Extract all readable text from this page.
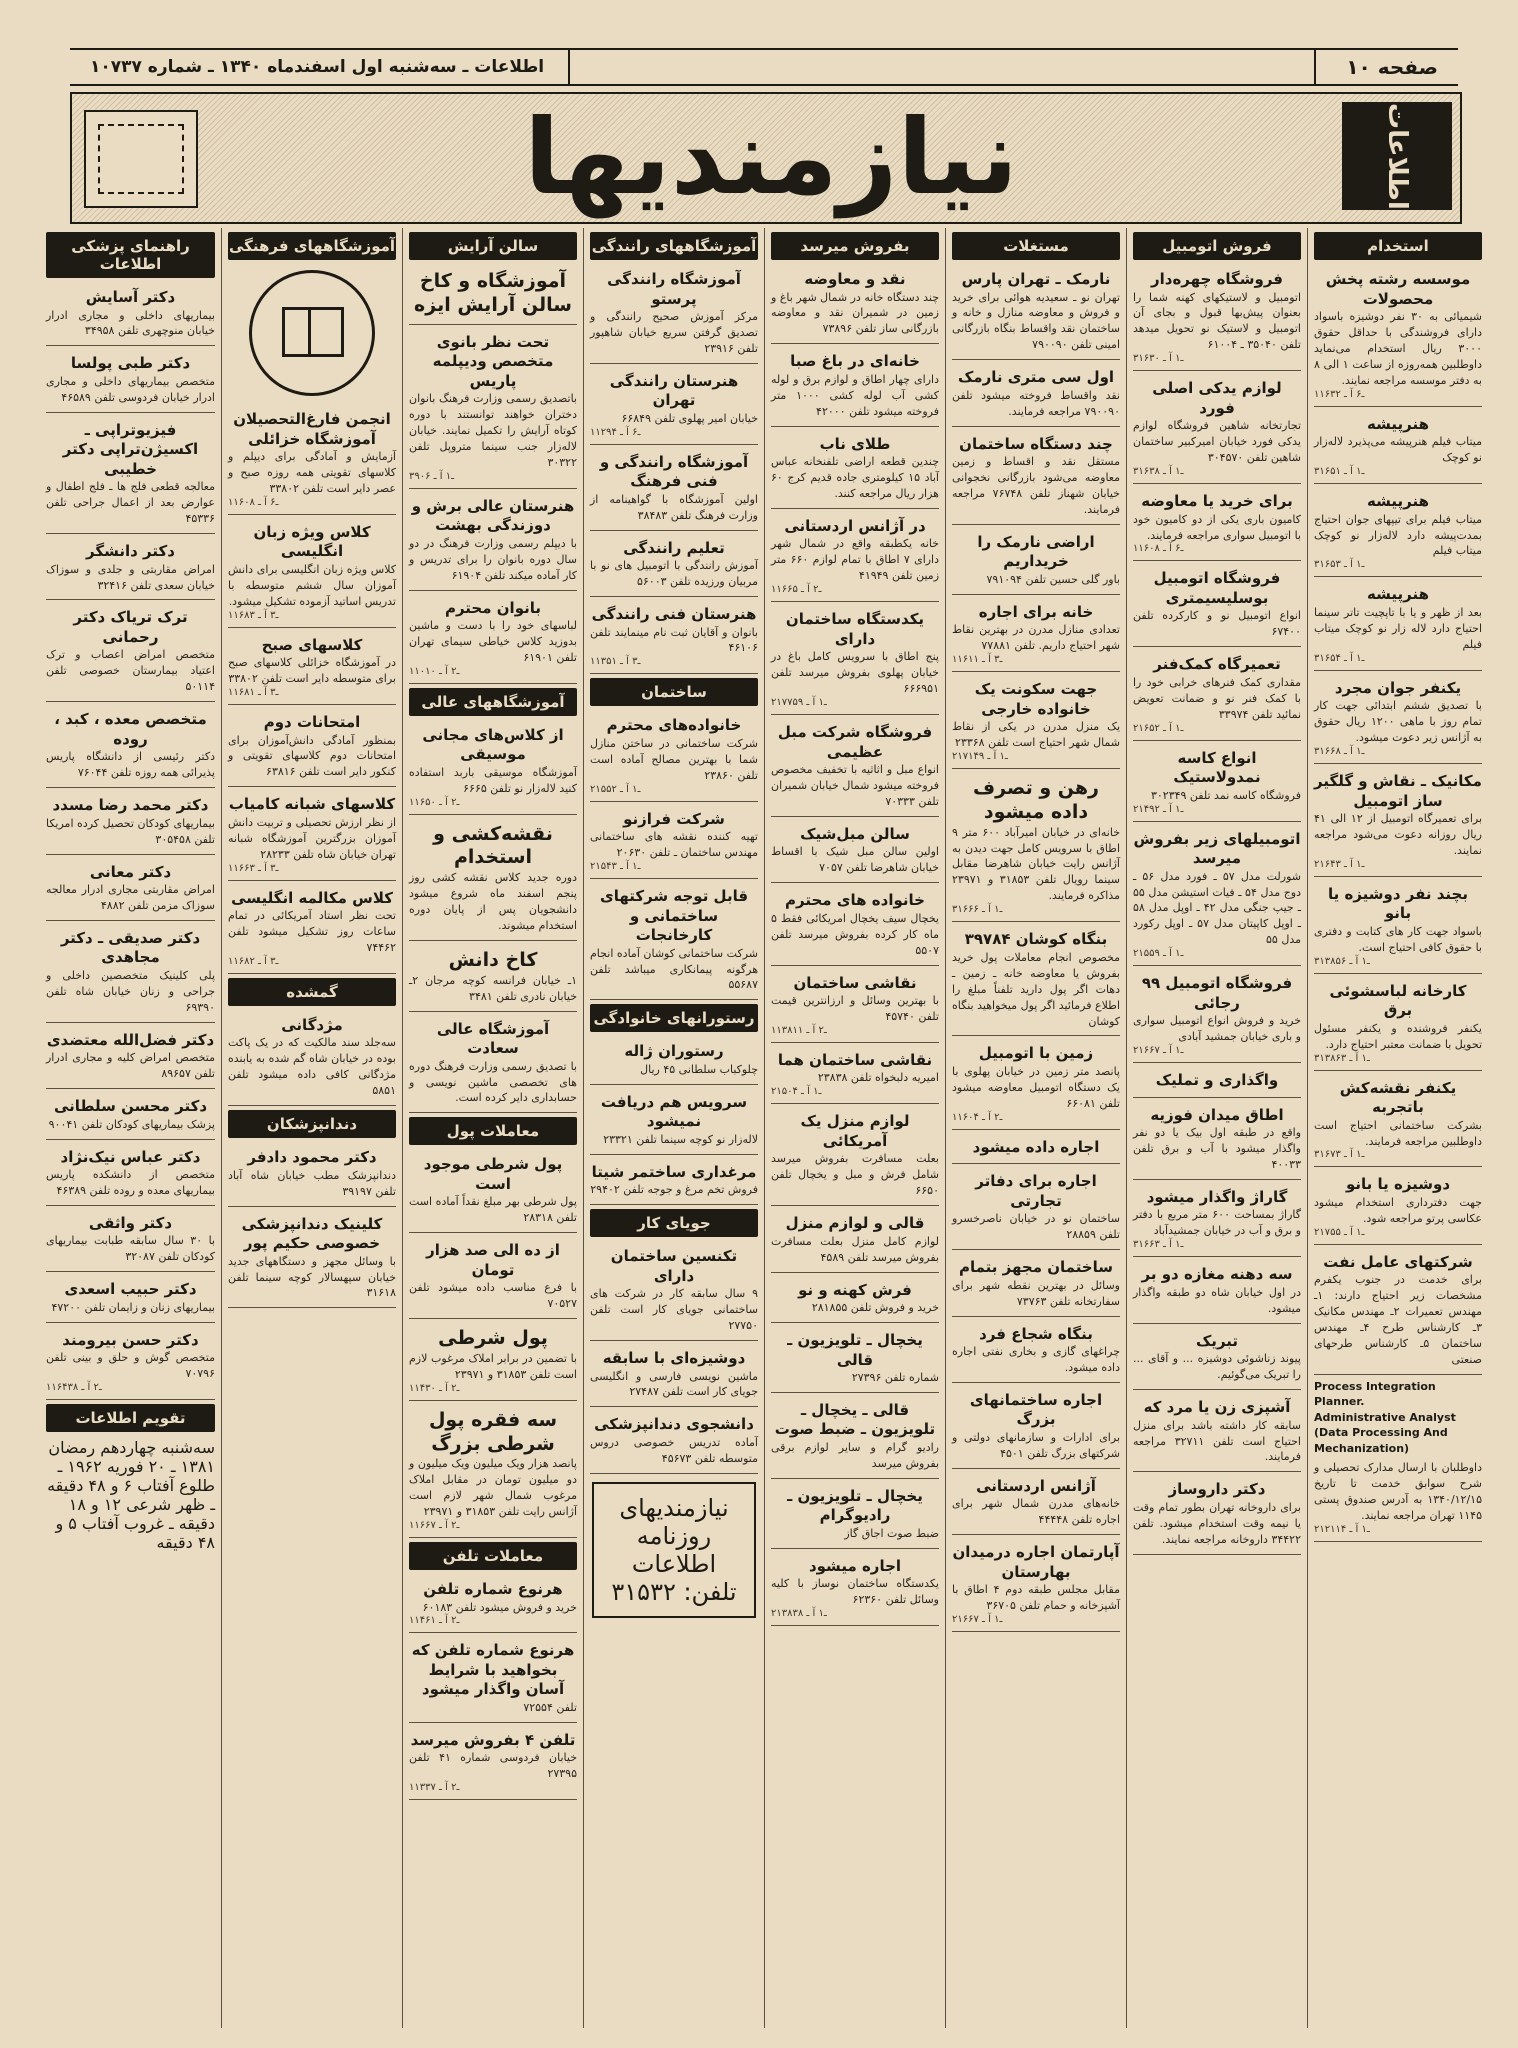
صفحه ۱۰
اطلاعات ـ سه‌شنبه اول اسفندماه ۱۳۴۰ ـ شماره ۱۰۷۳۷
اطلاعات
نیازمندیها
استخدام
موسسه رشته پخش محصولات
شیمیائی به ۳۰ نفر دوشیزه باسواد دارای فروشندگی با حداقل حقوق ۳۰۰۰ ریال استخدام می‌نماید داوطلبین همه‌روزه از ساعت ۱ الی ۸ به دفتر موسسه مراجعه نمایند.
۱ـ۶ آ ـ ۱۶۳۲
هنرپیشه
میتاب فیلم هنرپیشه می‌پذیرد لاله‌زار نو کوچک
۳ـ۱ آ ـ ۱۶۵۱
هنرپیشه
میتاب فیلم برای تیپهای جوان احتیاج بمدت‌پیشه دارد لاله‌زار نو کوچک میتاب فیلم
۳ـ۱ آ ـ ۱۶۵۳
هنرپیشه
بعد از ظهر و یا با تاپچیت تاتر سینما احتیاج دارد لاله زار نو کوچک میتاب فیلم
۳ـ۱ آ ـ ۱۶۵۴
یکنفر جوان مجرد
با تصدیق ششم ابتدائی جهت کار تمام روز با ماهی ۱۲۰۰ ریال حقوق به آژانس زیر دعوت میشود.
۳ـ۱ آ ـ ۱۶۶۸
مکانیک ـ نقاش و گلگیر ساز اتومبیل
برای تعمیرگاه اتومبیل از ۱۲ الی ۴۱ ریال روزانه دعوت می‌شود مراجعه نمایند.
۲ـ۱ آ ـ ۱۶۴۳
بچند نفر دوشیزه یا بانو
باسواد جهت کار های کتابت و دفتری با حقوق کافی احتیاج است.
۳ـ۱ آ ـ ۱۳۸۵۶
کارخانه لباسشوئی برق
یکنفر فروشنده و یکنفر مسئول تحویل با ضمانت معتبر احتیاج دارد.
۳ـ۱ آ ـ ۱۳۸۶۳
یکنفر نقشه‌کش باتجربه
بشرکت ساختمانی احتیاج است داوطلبین مراجعه فرمایند.
۳ـ۱ آ ـ ۱۶۷۳
دوشیزه یا بانو
جهت دفترداری استخدام میشود عکاسی پرتو مراجعه شود.
۲ـ۱ آ ـ ۱۷۵۵
شرکتهای عامل نفت
برای خدمت در جنوب یکفرم مشخصات زیر احتیاج دارند: ۱ـ مهندس تعمیرات ۲ـ مهندس مکانیک ۳ـ کارشناس طرح ۴ـ مهندس ساختمان ۵ـ کارشناس طرحهای صنعتی
Process Integration Planner.
Administrative Analyst (Data Processing And Mechanization)
داوطلبان با ارسال مدارک تحصیلی و شرح سوابق خدمت تا تاریخ ۱۳۴۰/۱۲/۱۵ به آدرس صندوق پستی ۱۱۴۵ تهران مراجعه نمایند.
۲ـ۱ آ ـ ۱۲۱۱۴
فروش اتومبیل
فروشگاه چهره‌دار
اتومبیل و لاستیکهای کهنه شما را بعنوان پیش‌بها قبول و بجای آن اتومبیل و لاستیک نو تحویل میدهد تلفن ۳۵۰۴۰ ـ ۶۱۰۰۴
۳ـ۱ آ ـ ۱۶۳۰
لوازم یدکی اصلی فورد
تجارتخانه شاهین فروشگاه لوازم یدکی فورد خیابان امیرکبیر ساختمان شاهین تلفن ۳۰۴۵۷۰
۳ـ۱ آ ـ ۱۶۳۸
برای خرید یا معاوضه
کامیون باری یکی از دو کامیون خود با اتومبیل سواری مراجعه فرمایند.
۱ـ۶ آ ـ ۱۶۰۸
فروشگاه اتومبیل بوسلیسیمتری
انواع اتومبیل نو و کارکرده تلفن ۶۷۴۰۰
تعمیرگاه کمک‌فنر
مقداری کمک فنرهای خرابی خود را با کمک فنر نو و ضمانت تعویض نمائید تلفن ۳۳۹۷۴
۲ـ۱ آ ـ ۱۶۵۲
انواع کاسه نمدولاستیک
فروشگاه کاسه نمد تلفن ۳۰۲۳۴۹
۲ـ۱ آ ـ ۱۴۹۲
اتومبیلهای زیر بفروش میرسد
شورلت مدل ۵۷ ـ فورد مدل ۵۶ ـ دوج مدل ۵۴ ـ فیات استیشن مدل ۵۵ ـ جیپ جنگی مدل ۴۲ ـ اوپل مدل ۵۸ ـ اوپل کاپیتان مدل ۵۷ ـ اوپل رکورد مدل ۵۵
۲ـ۱ آ ـ ۱۵۵۹
فروشگاه اتومبیل ۹۹ رجائی
خرید و فروش انواع اتومبیل سواری و باری خیابان جمشید آبادی
۲ـ۱ آ ـ ۱۶۶۷
واگذاری و تملیک
اطاق میدان فوزیه
واقع در طبقه اول بیک یا دو نفر واگذار میشود با آب و برق تلفن ۴۰۰۳۳
گاراژ واگذار میشود
گاراژ بمساحت ۶۰۰ متر مربع با دفتر و برق و آب در خیابان جمشیدآباد
۳ـ۱ آ ـ ۱۶۶۳
سه دهنه مغازه دو بر
در اول خیابان شاه دو طبقه واگذار میشود.
تبریک
پیوند زناشوئی دوشیزه ... و آقای ... را تبریک می‌گوئیم.
آشپزی زن یا مرد که
سابقه کار داشته باشد برای منزل احتیاج است تلفن ۳۲۷۱۱ مراجعه فرمایند.
دکتر داروساز
برای داروخانه تهران بطور تمام وقت یا نیمه وقت استخدام میشود. تلفن ۳۴۴۲۲ داروخانه مراجعه نمایند.
مستغلات
نارمک ـ تهران پارس
تهران نو ـ سعیدیه هوائی برای خرید و فروش و معاوضه منازل و خانه و ساختمان نقد واقساط بنگاه بازرگانی امینی تلفن ۷۹۰۰۹۰
اول سی متری نارمک
نقد واقساط فروخته میشود تلفن ۷۹۰۰۹۰ مراجعه فرمایند.
چند دستگاه ساختمان
مستقل نقد و اقساط و زمین معاوضه می‌شود بازرگانی نخجوانی خیابان شهناز تلفن ۷۶۷۴۸ مراجعه فرمایند.
اراضی نارمک را خریداریم
باور گلی حسین تلفن ۷۹۱۰۹۴
خانه برای اجاره
تعدادی منازل مدرن در بهترین نقاط شهر احتیاج داریم. تلفن ۷۷۸۸۱
۱ـ۳ آ ـ ۱۶۱۱
جهت سکونت یک خانواده خارجی
یک منزل مدرن در یکی از نقاط شمال شهر احتیاج است تلفن ۲۳۳۶۸
۲ـ۱ آ ـ ۱۷۱۴۹
رهن و تصرف داده میشود
خانه‌ای در خیابان امیرآباد ۶۰۰ متر ۹ اطاق با سرویس کامل جهت دیدن به آژانس رایت خیابان شاهرضا مقابل سینما رویال تلفن ۳۱۸۵۳ و ۲۳۹۷۱ مذاکره فرمایند.
۳ـ۱ آ ـ ۱۶۶۶
بنگاه کوشان ۳۹۷۸۴
مخصوص انجام معاملات پول خرید بفروش یا معاوضه خانه ـ زمین ـ دهات اگر پول دارید تلفناً مبلغ را اطلاع فرمائید اگر پول میخواهید بنگاه کوشان
زمین با اتومبیل
پانصد متر زمین در خیابان پهلوی با یک دستگاه اتومبیل معاوضه میشود تلفن ۶۶۰۸۱
۱ـ۲ آ ـ ۱۶۰۴
اجاره داده میشود
اجاره برای دفاتر تجارتی
ساختمان نو در خیابان ناصرخسرو تلفن ۲۸۸۵۹
ساختمان مجهز بتمام
وسائل در بهترین نقطه شهر برای سفارتخانه تلفن ۷۳۷۶۳
بنگاه شجاع فرد
چراغهای گازی و بخاری نفتی اجاره داده میشود.
اجاره ساختمانهای بزرگ
برای ادارات و سازمانهای دولتی و شرکتهای بزرگ تلفن ۴۵۰۱
آژانس اردستانی
خانه‌های مدرن شمال شهر برای اجاره تلفن ۴۴۴۴۸
آپارتمان اجاره درمیدان بهارستان
مقابل مجلس طبقه دوم ۴ اطاق با آشپزخانه و حمام تلفن ۳۶۷۰۵
۲ـ۱ آ ـ ۱۶۶۷
بفروش میرسد
نقد و معاوضه
چند دستگاه خانه در شمال شهر باغ و زمین در شمیران نقد و معاوضه بازرگانی ساز تلفن ۷۳۸۹۶
خانه‌ای در باغ صبا
دارای چهار اطاق و لوازم برق و لوله کشی آب لوله کشی ۱۰۰۰ متر فروخته میشود تلفن ۴۲۰۰۰
طلای ناب
چندین قطعه اراضی تلفنخانه عباس آباد ۱۵ کیلومتری جاده قدیم کرج ۶۰ هزار ریال مراجعه کنند.
در آژانس اردستانی
خانه یکطبقه واقع در شمال شهر دارای ۷ اطاق با تمام لوازم ۶۶۰ متر زمین تلفن ۴۱۹۴۹
۱ـ۲ آ ـ ۱۶۶۵
یکدستگاه ساختمان دارای
پنج اطاق با سرویس کامل باغ در خیابان پهلوی بفروش میرسد تلفن ۶۶۶۹۵۱
۲ـ۱ آ ـ ۱۷۷۵۹
فروشگاه شرکت مبل عظیمی
انواع مبل و اثاثیه با تخفیف مخصوص فروخته میشود شمال خیابان شمیران تلفن ۷۰۳۳۳
سالن مبل‌شیک
اولین سالن مبل شیک با اقساط خیابان شاهرضا تلفن ۷۰۵۷
خانواده های محترم
یخچال سیف یخچال امریکائی فقط ۵ ماه کار کرده بفروش میرسد تلفن ۵۵۰۷
نقاشی ساختمان
با بهترین وسائل و ارزانترین قیمت تلفن ۴۵۷۴۰
۱ـ۲ آ ـ ۱۳۸۱۱
نقاشی ساختمان هما
امیریه دلبخواه تلفن ۲۳۸۳۸
۲ـ۱ آ ـ ۱۵۰۴
لوازم منزل یک آمریکائی
بعلت مسافرت بفروش میرسد شامل فرش و مبل و یخچال تلفن ۶۶۵۰
قالی و لوازم منزل
لوازم کامل منزل بعلت مسافرت بفروش میرسد تلفن ۴۵۸۹
فرش کهنه و نو
خرید و فروش تلفن ۲۸۱۸۵۵
یخچال ـ تلویزیون ـ قالی
شماره تلفن ۲۷۳۹۶
قالی ـ یخچال ـ تلویزیون ـ ضبط صوت
رادیو گرام و سایر لوازم برقی بفروش میرسد
یخچال ـ تلویزیون ـ رادیوگرام
ضبط صوت اجاق گاز
اجاره میشود
یکدستگاه ساختمان نوساز با کلیه وسائل تلفن ۶۲۳۶۰
۲ـ۱ آ ـ ۱۳۸۳۸
آموزشگاههای رانندگی
آموزشگاه رانندگی پرستو
مرکز آموزش صحیح رانندگی و تصدیق گرفتن سریع خیابان شاهپور تلفن ۲۳۹۱۶
هنرستان رانندگی تهران
خیابان امیر پهلوی تلفن ۶۶۸۴۹
۱ـ۶ آ ـ ۱۲۹۴
آموزشگاه رانندگی و فنی فرهنگ
اولین آموزشگاه با گواهینامه از وزارت فرهنگ تلفن ۳۸۴۸۳
تعلیم رانندگی
آموزش رانندگی با اتومبیل های نو با مربیان ورزیده تلفن ۵۶۰۰۳
هنرستان فنی رانندگی
بانوان و آقایان ثبت نام مینمایند تلفن ۴۶۱۰۶
۱ـ۳ آ ـ ۱۳۵۱
ساختمان
خانواده‌های محترم
شرکت ساختمانی در ساختن منازل شما با بهترین مصالح آماده است تلفن ۲۳۸۶۰
۲ـ۱ آ ـ ۱۵۵۲
شرکت فرازنو
تهیه کننده نقشه های ساختمانی مهندس ساختمان ـ تلفن ۲۰۶۳۰
۲ـ۱ آ ـ ۱۵۴۳
قابل توجه شرکتهای ساختمانی و کارخانجات
شرکت ساختمانی کوشان آماده انجام هرگونه پیمانکاری میباشد تلفن ۵۵۶۸۷
رستورانهای خانوادگی
رستوران ژاله
چلوکباب سلطانی ۴۵ ریال
سرویس هم دریافت نمیشود
لاله‌زار نو کوچه سینما تلفن ۲۳۳۲۱
مرغداری ساختمر شیتا
فروش تخم مرغ و جوجه تلفن ۲۹۴۰۲
جویای کار
تکنسین ساختمان دارای
۹ سال سابقه کار در شرکت های ساختمانی جویای کار است تلفن ۲۷۷۵۰
دوشیزه‌ای با سابقه
ماشین نویسی فارسی و انگلیسی جویای کار است تلفن ۲۷۴۸۷
دانشجوی دندانپزشکی
آماده تدریس خصوصی دروس متوسطه تلفن ۴۵۶۷۳
نیازمندیهای
روزنامه اطلاعات
تلفن: ۳۱۵۳۲
سالن آرایش
آموزشگاه و کاخ سالن آرایش ایزه
تحت نظر بانوی متخصص ودیپلمه پاریس
باتصدیق رسمی وزارت فرهنگ بانوان دختران خواهند توانستند با دوره کوتاه آرایش را تکمیل نمایند. خیابان لاله‌زار جنب سینما متروپل تلفن ۳۰۳۲۲
۳ـ۱ آ ـ ۹۰۶
هنرستان عالی برش و دوزندگی بهشت
با دیپلم رسمی وزارت فرهنگ در دو سال دوره بانوان را برای تدریس و کار آماده میکند تلفن ۶۱۹۰۴
بانوان محترم
لباسهای خود را با دست و ماشین بدوزید کلاس خیاطی سیمای تهران تلفن ۶۱۹۰۱
۱ـ۲ آ ـ ۱۰۱۰
آموزشگاههای عالی
از کلاس‌های مجانی موسیقی
آموزشگاه موسیقی باربد استفاده کنید لاله‌زار نو تلفن ۶۶۶۵
۱ـ۲ آ ـ ۱۶۵۰
نقشه‌کشی و استخدام
دوره جدید کلاس نقشه کشی روز پنجم اسفند ماه شروع میشود دانشجویان پس از پایان دوره استخدام میشوند.
کاخ دانش
۱ـ خیابان فرانسه کوچه مرجان ۲ـ خیابان نادری تلفن ۳۴۸۱
آموزشگاه عالی سعادت
با تصدیق رسمی وزارت فرهنگ دوره های تخصصی ماشین نویسی و حسابداری دایر کرده است.
معاملات پول
پول شرطی موجود است
پول شرطی بهر مبلغ نقداً آماده است تلفن ۲۸۳۱۸
از ده الی صد هزار تومان
با فرع مناسب داده میشود تلفن ۷۰۵۲۷
پول شرطی
با تضمین در برابر املاک مرغوب لازم است تلفن ۳۱۸۵۳ و ۲۳۹۷۱
۱ـ۲ آ ـ ۱۴۳۰
سه فقره پول شرطی بزرگ
پانصد هزار ویک میلیون ویک میلیون و دو میلیون تومان در مقابل املاک مرغوب شمال شهر لازم است آژانس رایت تلفن ۳۱۸۵۳ و ۲۳۹۷۱
۱ـ۲ آ ـ ۱۶۶۷
معاملات تلفن
هرنوع شماره تلفن
خرید و فروش میشود تلفن ۶۰۱۸۳
۱ـ۲ آ ـ ۱۴۶۱
هرنوع شماره تلفن که بخواهید با شرایط آسان واگذار میشود
تلفن ۷۲۵۵۴
تلفن ۴ بفروش میرسد
خیابان فردوسی شماره ۴۱ تلفن ۲۷۳۹۵
۱ـ۲ آ ـ ۱۳۳۷
آموزشگاههای فرهنگی
انجمن فارغ‌التحصیلان آموزشگاه خزائلی
آزمایش و آمادگی برای دیپلم و کلاسهای تقویتی همه روزه صبح و عصر دایر است تلفن ۳۳۸۰۲
۱ـ۶ آ ـ ۱۶۰۸
کلاس ویژه زبان انگلیسی
کلاس ویژه زبان انگلیسی برای دانش آموزان سال ششم متوسطه با تدریس اساتید آزموده تشکیل میشود.
۱ـ۳ آ ـ ۱۶۸۳
کلاسهای صبح
در آموزشگاه خزائلی کلاسهای صبح برای متوسطه دایر است تلفن ۳۳۸۰۲
۱ـ۳ آ ـ ۱۶۸۱
امتحانات دوم
بمنظور آمادگی دانش‌آموزان برای امتحانات دوم کلاسهای تقویتی و کنکور دایر است تلفن ۶۳۸۱۶
کلاسهای شبانه کامیاب
از نظر ارزش تحصیلی و تربیت دانش آموزان بزرگترین آموزشگاه شبانه تهران خیابان شاه تلفن ۲۸۲۳۳
۱ـ۳ آ ـ ۱۶۶۳
کلاس مکالمه انگلیسی
تحت نظر استاد آمریکائی در تمام ساعات روز تشکیل میشود تلفن ۷۴۴۶۲
۱ـ۳ آ ـ ۱۶۸۲
گمشده
مژدگانی
سه‌جلد سند مالکیت که در یک پاکت بوده در خیابان شاه گم شده به یابنده مژدگانی کافی داده میشود تلفن ۵۸۵۱
دندانپزشکان
دکتر محمود دادفر
دندانپزشک مطب خیابان شاه آباد تلفن ۳۹۱۹۷
کلینیک دندانپزشکی خصوصی حکیم پور
با وسائل مجهز و دستگاههای جدید خیابان سپهسالار کوچه سینما تلفن ۳۱۶۱۸
راهنمای پزشکی اطلاعات
دکتر آسایش
بیماریهای داخلی و مجاری ادرار خیابان منوچهری تلفن ۳۴۹۵۸
دکتر طبی پولسا
متخصص بیماریهای داخلی و مجاری ادرار خیابان فردوسی تلفن ۴۶۵۸۹
فیزیوتراپی ـ اکسیژن‌تراپی دکتر خطیبی
معالجه قطعی فلج ها ـ فلج اطفال و عوارض بعد از اعمال جراحی تلفن ۴۵۳۳۶
دکتر دانشگر
امراض مقاربتی و جلدی و سوزاک خیابان سعدی تلفن ۳۲۴۱۶
ترک تریاک دکتر رحمانی
متخصص امراض اعصاب و ترک اعتیاد بیمارستان خصوصی تلفن ۵۰۱۱۴
متخصص معده ، کبد ، روده
دکتر رئیسی از دانشگاه پاریس پذیرائی همه روزه تلفن ۷۶۰۴۴
دکتر محمد رضا مسدد
بیماریهای کودکان تحصیل کرده امریکا تلفن ۳۰۵۴۵۸
دکتر معانی
امراض مقاربتی مجاری ادرار معالجه سوزاک مزمن تلفن ۴۸۸۲
دکتر صدیقی ـ دکتر مجاهدی
پلی کلینیک متخصصین داخلی و جراحی و زنان خیابان شاه تلفن ۶۹۳۹۰
دکتر فضل‌الله معتضدی
متخصص امراض کلیه و مجاری ادرار تلفن ۸۹۶۵۷
دکتر محسن سلطانی
پزشک بیماریهای کودکان تلفن ۹۰۰۴۱
دکتر عباس نیک‌نژاد
متخصص از دانشکده پاریس بیماریهای معده و روده تلفن ۴۶۳۸۹
دکتر واثقی
با ۳۰ سال سابقه طبابت بیماریهای کودکان تلفن ۳۲۰۸۷
دکتر حبیب اسعدی
بیماریهای زنان و زایمان تلفن ۴۷۲۰۰
دکتر حسن بیرومند
متخصص گوش و حلق و بینی تلفن ۷۰۷۹۶
۱ـ۲ آ ـ ۱۶۴۳۸
تقویم اطلاعات
سه‌شنبه چهاردهم رمضان ۱۳۸۱ ـ ۲۰ فوریه ۱۹۶۲ ـ طلوع آفتاب ۶ و ۴۸ دقیقه ـ ظهر شرعی ۱۲ و ۱۸ دقیقه ـ غروب آفتاب ۵ و ۴۸ دقیقه
